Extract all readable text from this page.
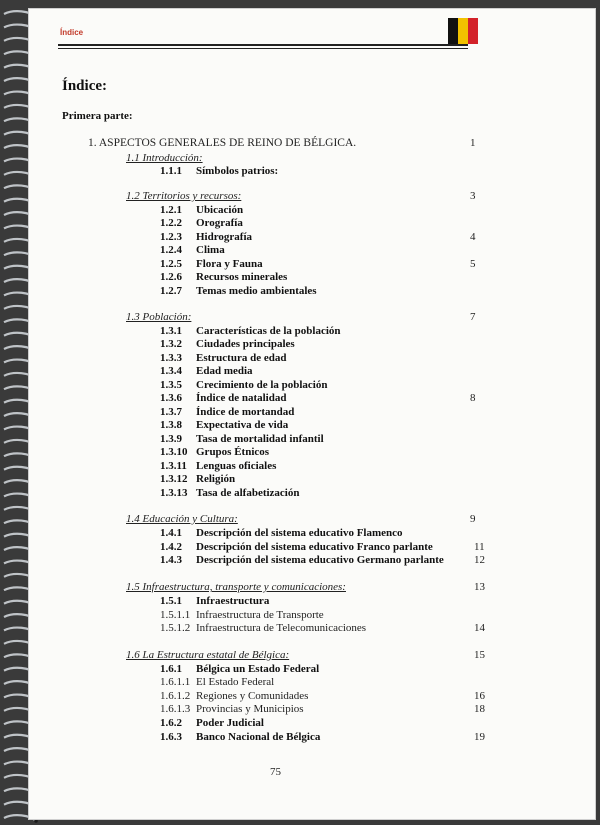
Índice
Índice:
Primera parte:
1. ASPECTOS GENERALES DE REINO DE BÉLGICA.	1
1.1 Introducción:
1.1.1 Símbolos patrios:
1.2 Territorios y recursos:	3
1.2.1 Ubicación
1.2.2 Orografía
1.2.3 Hidrografía	4
1.2.4 Clima
1.2.5 Flora y Fauna	5
1.2.6 Recursos minerales
1.2.7 Temas medio ambientales
1.3 Población:	7
1.3.1 Características de la población
1.3.2 Ciudades principales
1.3.3 Estructura de edad
1.3.4 Edad media
1.3.5 Crecimiento de la población
1.3.6 Índice de natalidad	8
1.3.7 Índice de mortandad
1.3.8 Expectativa de vida
1.3.9 Tasa de mortalidad infantil
1.3.10 Grupos Étnicos
1.3.11 Lenguas oficiales
1.3.12 Religión
1.3.13 Tasa de alfabetización
1.4 Educación y Cultura:	9
1.4.1 Descripción del sistema educativo Flamenco
1.4.2 Descripción del sistema educativo Franco parlante	11
1.4.3 Descripción del sistema educativo Germano parlante	12
1.5 Infraestructura, transporte y comunicaciones:	13
1.5.1 Infraestructura
1.5.1.1 Infraestructura de Transporte
1.5.1.2 Infraestructura de Telecomunicaciones	14
1.6 La Estructura estatal de Bélgica:	15
1.6.1 Bélgica un Estado Federal
1.6.1.1 El Estado Federal
1.6.1.2 Regiones y Comunidades	16
1.6.1.3 Provincias y Municipios	18
1.6.2 Poder Judicial
1.6.3 Banco Nacional de Bélgica	19
75
